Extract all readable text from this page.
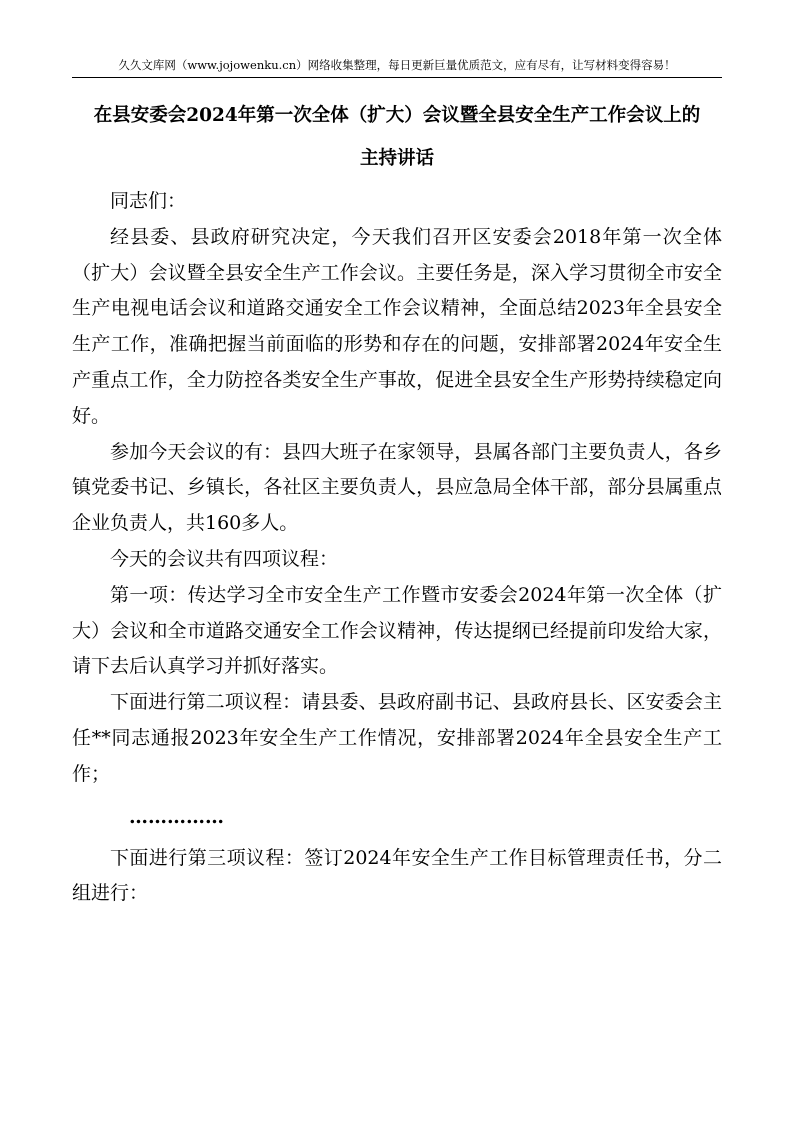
久久文库网（www.jojowenku.cn）网络收集整理，每日更新巨量优质范文，应有尽有，让写材料变得容易！
在县安委会2024年第一次全体（扩大）会议暨全县安全生产工作会议上的
主持讲话

同志们：

经县委、县政府研究决定，今天我们召开区安委会2018年第一次全体（扩大）会议暨全县安全生产工作会议。主要任务是，深入学习贯彻全市安全生产电视电话会议和道路交通安全工作会议精神，全面总结2023年全县安全生产工作，准确把握当前面临的形势和存在的问题，安排部署2024年安全生产重点工作，全力防控各类安全生产事故，促进全县安全生产形势持续稳定向好。

参加今天会议的有：县四大班子在家领导，县属各部门主要负责人，各乡镇党委书记、乡镇长，各社区主要负责人，县应急局全体干部，部分县属重点企业负责人，共160多人。

今天的会议共有四项议程：

第一项：传达学习全市安全生产工作暨市安委会2024年第一次全体（扩大）会议和全市道路交通安全工作会议精神，传达提纲已经提前印发给大家，请下去后认真学习并抓好落实。

下面进行第二项议程：请县委、县政府副书记、县政府县长、区安委会主任**同志通报2023年安全生产工作情况，安排部署2024年全县安全生产工作；

……………

下面进行第三项议程：签订2024年安全生产工作目标管理责任书，分二组进行：
